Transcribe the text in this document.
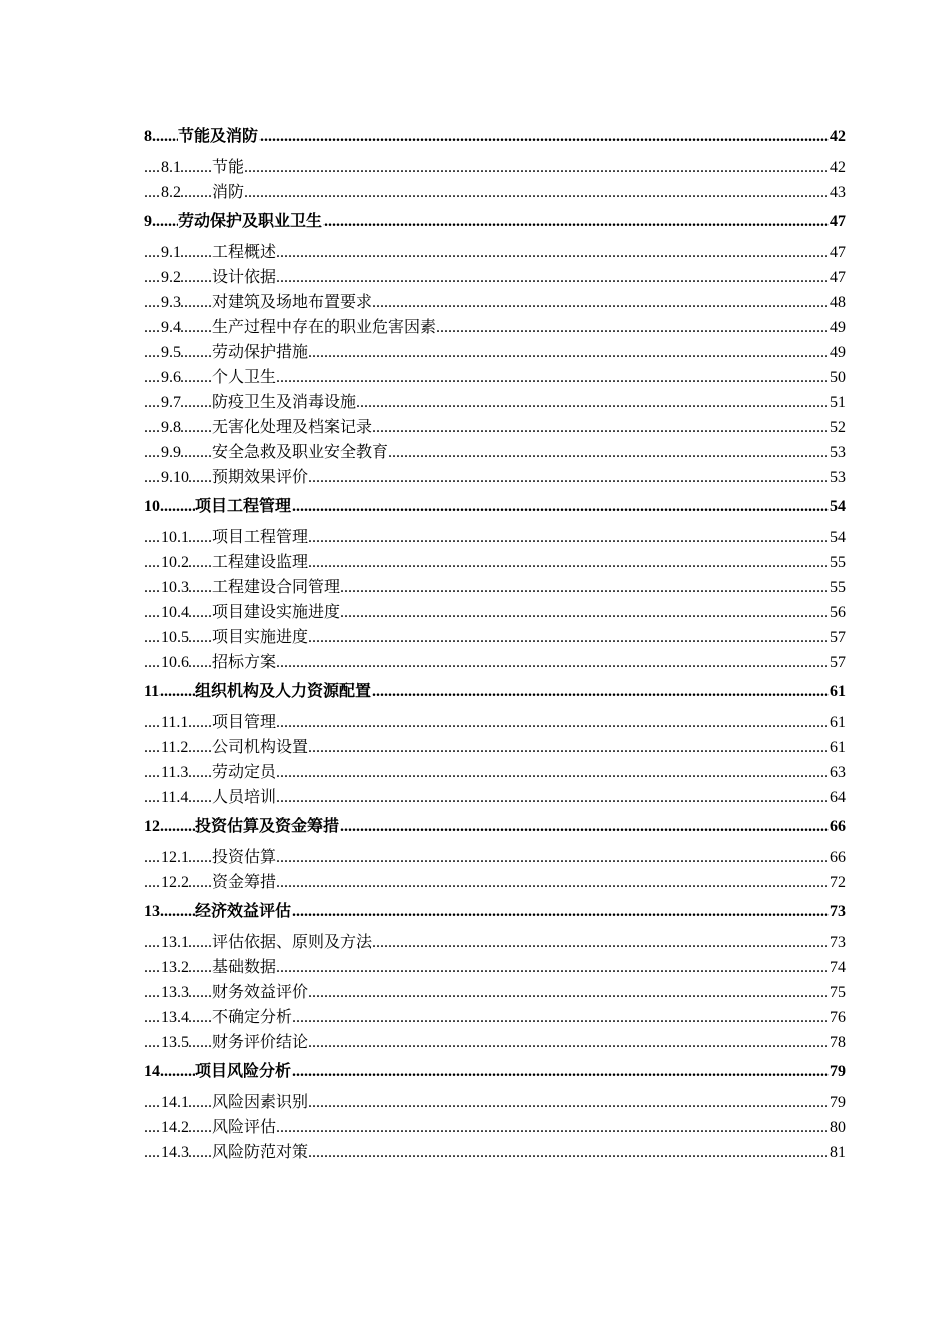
.....
8 节能及消防	42
.....
8.1 节能	42
.....
8.2 消防	43
.....
9 劳动保护及职业卫生	47
.....
9.1 工程概述	47
.....
9.2 设计依据	47
.....
9.3 对建筑及场地布置要求	48
.....
9.4 生产过程中存在的职业危害因素	49
.....
9.5 劳动保护措施	49
.....
9.6 个人卫生	50
.....
9.7 防疫卫生及消毒设施	51
.....
9.8 无害化处理及档案记录	52
.....
9.9 安全急救及职业安全教育	53
.....
9.10 预期效果评价	53
.....
10 项目工程管理	54
.....
10.1 项目工程管理	54
.....
10.2 工程建设监理	55
.....
10.3 工程建设合同管理	55
.....
10.4 项目建设实施进度	56
.....
10.5 项目实施进度	57
.....
10.6 招标方案	57
.....
11 组织机构及人力资源配置	61
.....
11.1 项目管理	61
.....
11.2 公司机构设置	61
.....
11.3 劳动定员	63
.....
11.4 人员培训	64
.....
12 投资估算及资金筹措	66
.....
12.1 投资估算	66
.....
12.2 资金筹措	72
.....
13 经济效益评估	73
.....
13.1 评估依据、原则及方法	73
.....
13.2 基础数据	74
.....
13.3 财务效益评价	75
.....
13.4 不确定分析	76
.....
13.5 财务评价结论	78
.....
14 项目风险分析	79
.....
14.1 风险因素识别	79
.....
14.2 风险评估	80
.....
14.3 风险防范对策	81
